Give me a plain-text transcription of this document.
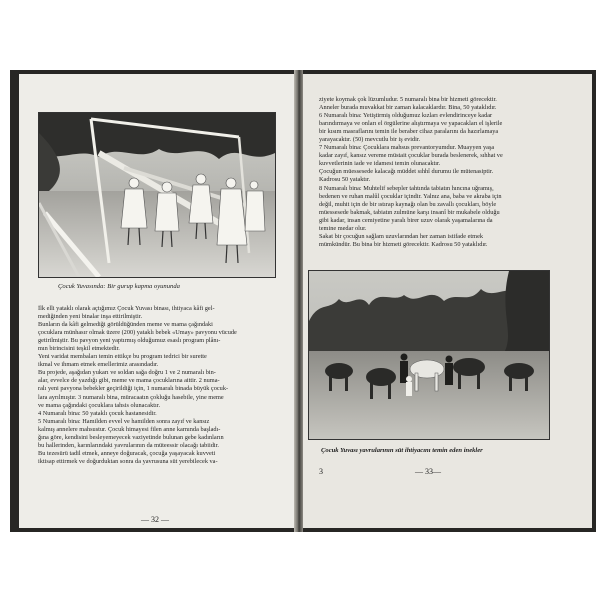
Çocuk Yuvasında: Bir gurup kapma oyununda

İlk elli yataklı olarak açtığımız Çocuk Yuvası binası, ihtiyaca kâfi gel-

mediğinden yeni binalar inşa ettirilmiştir.

Bunların da kâfi gelmediği görüldüğünden meme ve mama çağındaki

çocuklara münhasır olmak üzere (200) yataklı bebek «Umay» pavyonu vücude

getirilmiştir. Bu pavyon yeni yaptırmış olduğumuz esaslı program plânı-

mın birincisini teşkil etmektedir.

Yeni varidat membaları temin ettikçe bu program tedrici bir surette

ikmal ve ihmam etmek emellerimiz arasındadır.

Bu projede, aşağıdan yukarı ve soldan sağa doğru 1 ve 2 numaralı bin-

alar, evvelce de yazdığı gibi, meme ve mama çocuklarına aittir. 2 numa-

ralı yeni pavyona bebekler geçirildiği için, 1 numaralı binada büyük çocuk-

lara ayrılmıştır. 3 numaralı bina, müracaatın çokluğu hasebile, yine meme

ve mama çağındaki çocuklara tahsis olunacaktır.

4 Numaralı bina: 50 yataklı çocuk hastanesidir.

5 Numaralı bina: Hamilden evvel ve hamilden sonra zayıf ve kansız

kalmış annelere mahsustur. Çocuk himayesi filen anne karnında başladı-

ğına göre, kendisini besleyemeyecek vaziyetinde bulunan gebe kadınların

bu hallerinden, karınlarındaki yavrularının da müteessir olacağı tabiidir.

Bu tezesürü tadil etmek, anneye doğuracak, çocuğa yaşayacak kuvveti

iktisap ettirmek ve doğurduktan sonra da yavrusuna süt yerebilecek va-

— 32 —

ziyete koymak çok lüzumludur. 5 numaralı bina bir hizmeti görecektir.

Anneler burada muvakkat bir zaman kalacaklardır. Bina, 50 yataklıdır.

6 Numaralı bina: Yetiştirmiş olduğumuz kızları evlendirinceye kadar

barındırmaya ve onları el örgülerine alıştırmaya ve yapacakları el işlerile

bir kısım masraflarını temin ile beraber cihaz paralarını da hazırlamaya

yarayacaktır. (50) mevcutlu bir iş evidir.

7 Numaralı bina: Çocuklara mahsus prevantoryumdur. Muayyen yaşa

kadar zayıf, kansız vereme müstait çocuklar burada beslenerek, sıhhat ve

kuvvetlerinin iade ve idamesi temin olunacaktır.

Çocuğun müessesede kalacağı müddet sıhhî durumu ile mütenasiptir.

Kadrosu 50 yataktır.

8 Numaralı bina: Muhtelif sebepler tahtında tabiatın hıncına uğramış,

bedenen ve ruhan malûl çocuklar içindir. Yalnız ana, baba ve akraba için

değil, muhit için de bir ıstırap kaynağı olan bu zavallı çocukları, böyle

müessesede bakmak, tabiatın zulmüne karşı insanî bir mukabele olduğu

gibi kadar, insan cemiyetine yaralı birer uzuv olarak yaşamalarına da

temine medar olur.

Sakat bir çocuğun sağlam uzuvlarından her zaman istifade etmek

mümkündür. Bu bina bir hizmeti görecektir. Kadrosu 50 yataklıdır.

Çocuk Yuvası yavrularının süt ihtiyacını temin eden inekler
3	— 33—
